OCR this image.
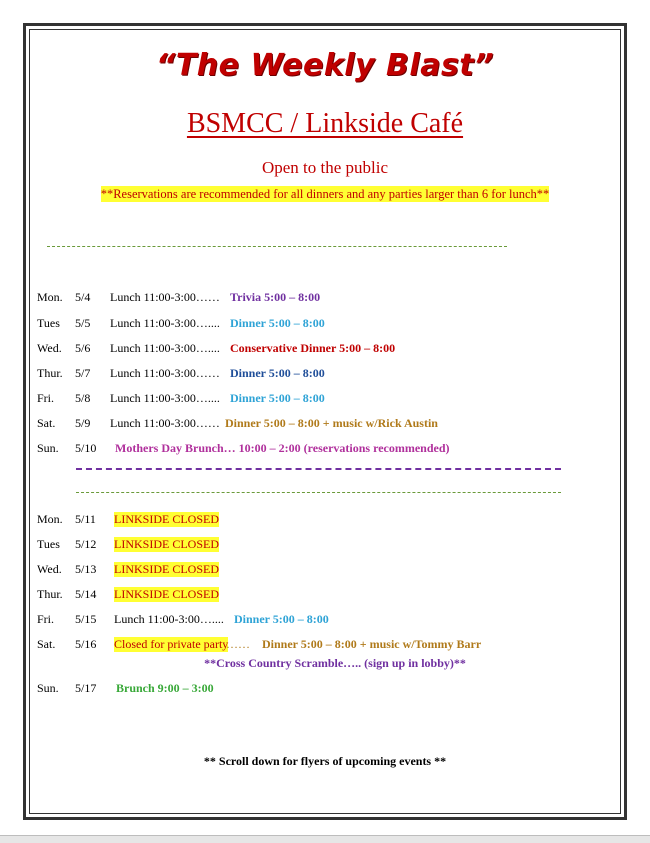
“The Weekly Blast”
BSMCC / Linkside Café
Open to the public
**Reservations are recommended for all dinners and any parties larger than 6 for lunch**
Mon. 5/4 Lunch 11:00-3:00…… Trivia 5:00 – 8:00
Tues 5/5 Lunch 11:00-3:00….... Dinner 5:00 – 8:00
Wed. 5/6 Lunch 11:00-3:00….... Conservative Dinner 5:00 – 8:00
Thur. 5/7 Lunch 11:00-3:00…… Dinner 5:00 – 8:00
Fri. 5/8 Lunch 11:00-3:00….... Dinner 5:00 – 8:00
Sat. 5/9 Lunch 11:00-3:00…… Dinner 5:00 – 8:00 + music w/Rick Austin
Sun. 5/10 Mothers Day Brunch… 10:00 – 2:00 (reservations recommended)
Mon. 5/11 LINKSIDE CLOSED
Tues 5/12 LINKSIDE CLOSED
Wed. 5/13 LINKSIDE CLOSED
Thur. 5/14 LINKSIDE CLOSED
Fri. 5/15 Lunch 11:00-3:00….... Dinner 5:00 – 8:00
Sat. 5/16 Closed for private party
…… Dinner 5:00 – 8:00 + music w/Tommy Barr
**Cross Country Scramble….. (sign up in lobby)**
Sun. 5/17 Brunch 9:00 – 3:00
** Scroll down for flyers of upcoming events **
